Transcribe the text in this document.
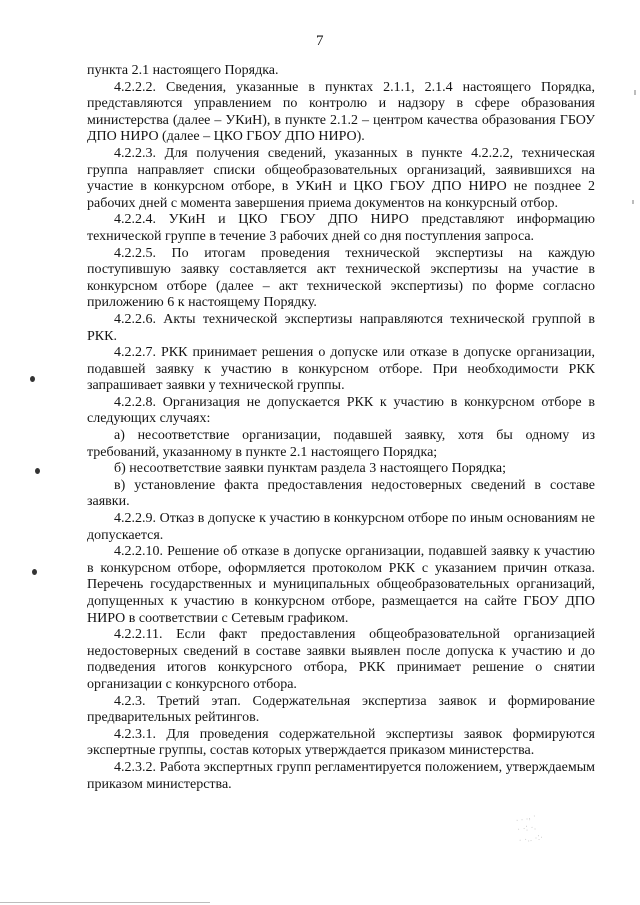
7

пункта 2.1 настоящего Порядка.

4.2.2.2. Сведения, указанные в пунктах 2.1.1, 2.1.4 настоящего Порядка, представляются управлением по контролю и надзору в сфере образования министерства (далее – УКиН), в пункте 2.1.2 – центром качества образования ГБОУ ДПО НИРО (далее – ЦКО ГБОУ ДПО НИРО).

4.2.2.3. Для получения сведений, указанных в пункте 4.2.2.2, техническая группа направляет списки общеобразовательных организаций, заявившихся на участие в конкурсном отборе, в УКиН и ЦКО ГБОУ ДПО НИРО не позднее 2 рабочих дней с момента завершения приема документов на конкурсный отбор.

4.2.2.4. УКиН и ЦКО ГБОУ ДПО НИРО представляют информацию технической группе в течение 3 рабочих дней со дня поступления запроса.

4.2.2.5. По итогам проведения технической экспертизы на каждую поступившую заявку составляется акт технической экспертизы на участие в конкурсном отборе (далее – акт технической экспертизы) по форме согласно приложению 6 к настоящему Порядку.

4.2.2.6. Акты технической экспертизы направляются технической группой в РКК.

4.2.2.7. РКК принимает решения о допуске или отказе в допуске организации, подавшей заявку к участию в конкурсном отборе. При необходимости РКК запрашивает заявки у технической группы.

4.2.2.8. Организация не допускается РКК к участию в конкурсном отборе в следующих случаях:

а) несоответствие организации, подавшей заявку, хотя бы одному из требований, указанному в пункте 2.1 настоящего Порядка;

б) несоответствие заявки пунктам раздела 3 настоящего Порядка;

в) установление факта предоставления недостоверных сведений в составе заявки.

4.2.2.9. Отказ в допуске к участию в конкурсном отборе по иным основаниям не допускается.

4.2.2.10. Решение об отказе в допуске организации, подавшей заявку к участию в конкурсном отборе, оформляется протоколом РКК с указанием причин отказа. Перечень государственных и муниципальных общеобразовательных организаций, допущенных к участию в конкурсном отборе, размещается на сайте ГБОУ ДПО НИРО в соответствии с Сетевым графиком.

4.2.2.11. Если факт предоставления общеобразовательной организацией недостоверных сведений в составе заявки выявлен после допуска к участию и до подведения итогов конкурсного отбора, РКК принимает решение о снятии организации с конкурсного отбора.

4.2.3. Третий этап. Содержательная экспертиза заявок и формирование предварительных рейтингов.

4.2.3.1. Для проведения содержательной экспертизы заявок формируются экспертные группы, состав которых утверждается приказом министерства.

4.2.3.2. Работа экспертных групп регламентируется положением, утверждаемым приказом министерства.

. . ., ·
· ·: ·.
· ·.. ·:·
